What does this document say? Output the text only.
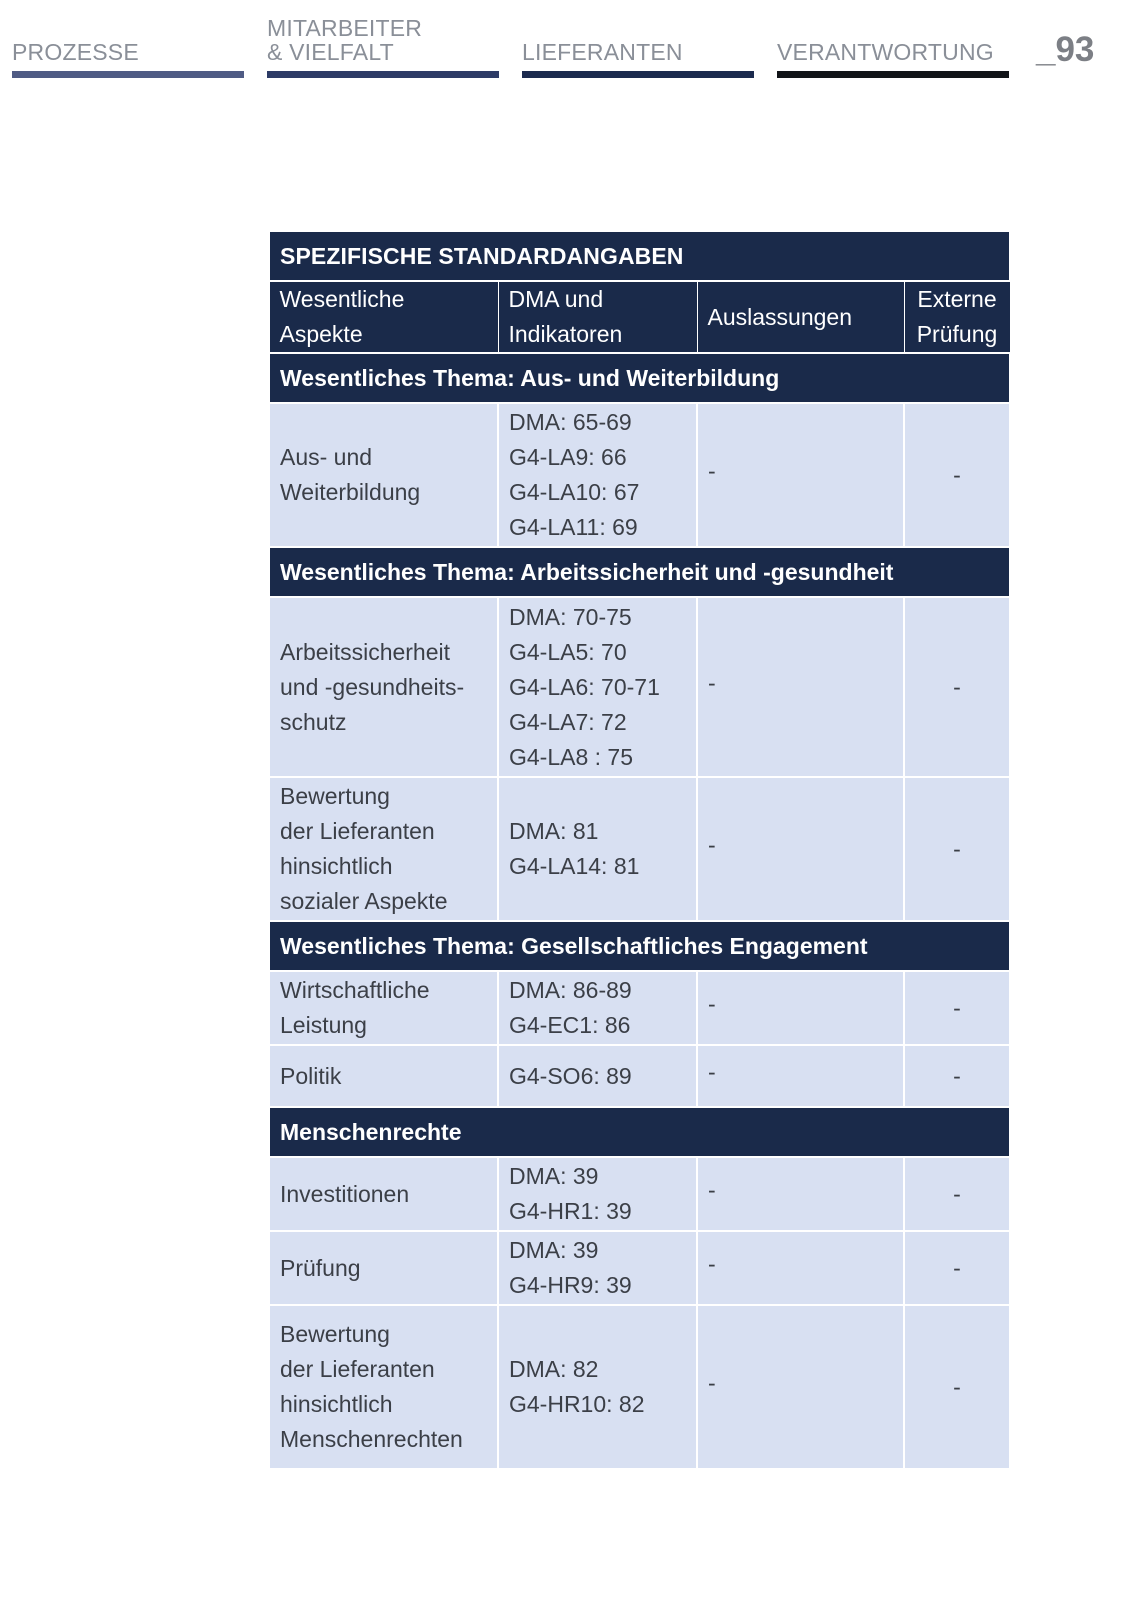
PROZESSE
MITARBEITER
& VIELFALT	LIEFERANTEN	VERANTWORTUNG _93
SPEZIFISCHE STANDARDANGABEN			

Wesentliche
Aspekte	DMA und
Indikatoren	Auslassungen	Externe
Prüfung

Wesentliches Thema: Aus- und Weiterbildung			

Aus- und
Weiterbildung	DMA: 65-69
G4-LA9: 66
G4-LA10: 67
G4-LA11: 69	-	-
Wesentliches Thema: Arbeitssicherheit und -gesundheit			

Arbeitssicherheit
und -gesundheits-
schutz	DMA: 70-75
G4-LA5: 70
G4-LA6: 70-71
G4-LA7: 72
G4-LA8 : 75	-	-

Bewertung
der Lieferanten
hinsichtlich
sozialer Aspekte	DMA: 81
G4-LA14: 81	-	-
Wesentliches Thema: Gesellschaftliches Engagement			

Wirtschaftliche
Leistung	DMA: 86-89
G4-EC1: 86	-	-

Politik	G4-SO6: 89	-	-
Menschenrechte			

Investitionen	DMA: 39
G4-HR1: 39	-	-

Prüfung	DMA: 39
G4-HR9: 39	-	-

Bewertung
der Lieferanten
hinsichtlich
Menschenrechten	DMA: 82
G4-HR10: 82	-	-
